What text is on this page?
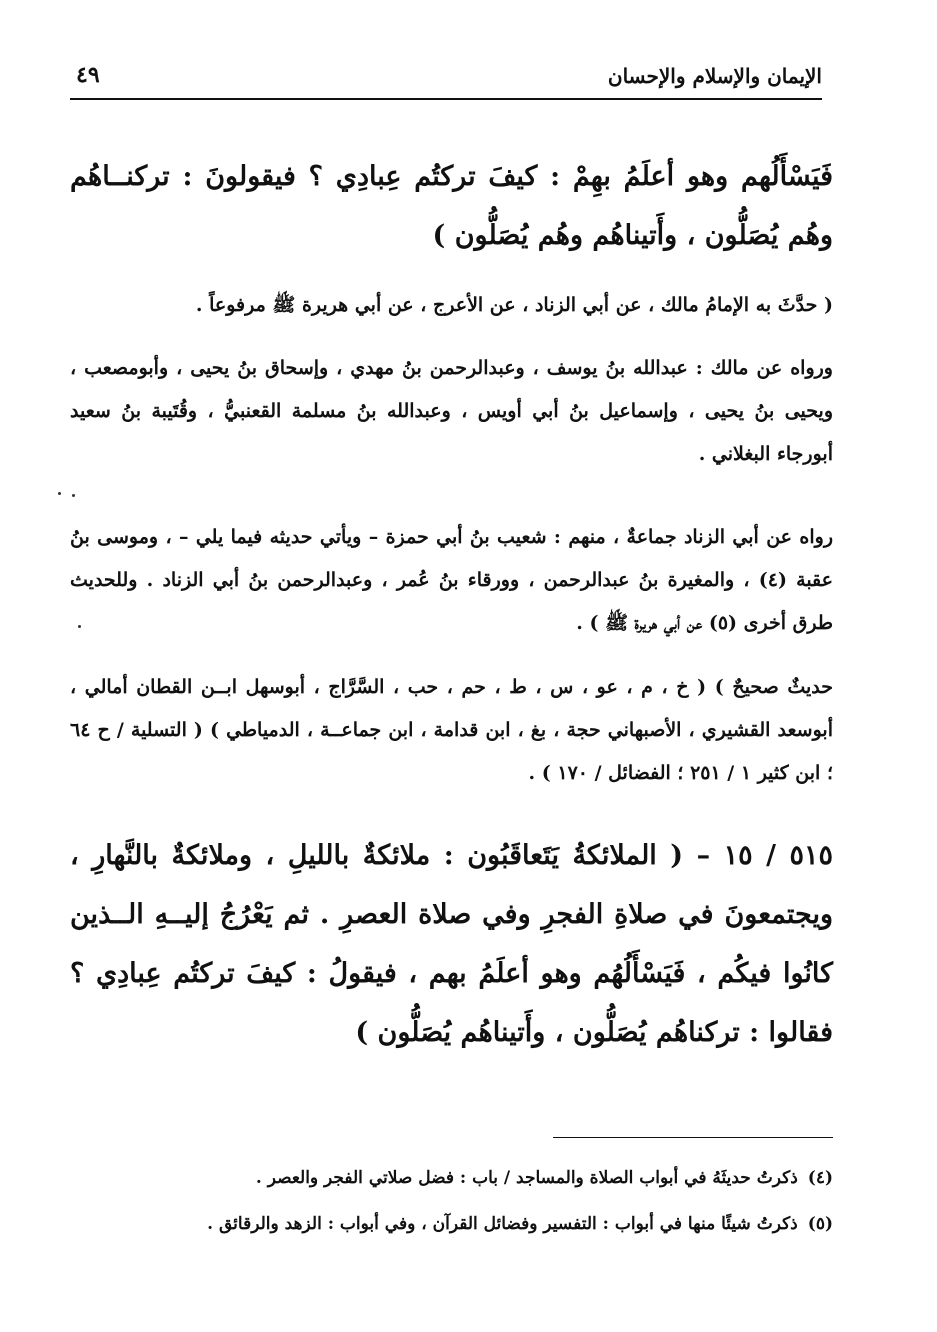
الإيمان والإسلام والإحسان
٤٩
فَيَسْأَلُهم وهو أعلَمُ بهِمْ : كيفَ تركتُم عِبادِي ؟ فيقولونَ : تركنــاهُم وهُم يُصَلُّون ، وأَتيناهُم وهُم يُصَلُّون )
( حدَّثَ به الإمامُ مالك ، عن أبي الزناد ، عن الأعرج ، عن أبي هريرة ﷺ مرفوعاً .
ورواه عن مالك : عبدالله بنُ يوسف ، وعبدالرحمن بنُ مهدي ، وإسحاق بنُ يحيى ، وأبومصعب ، ويحيى بنُ يحيى ، وإسماعيل بنُ أبي أويس ، وعبدالله بنُ مسلمة القعنبيُّ ، وقُتَيبة بنُ سعيد أبورجاء البغلاني .
رواه عن أبي الزناد جماعةٌ ، منهم : شعيب بنُ أبي حمزة – ويأتي حديثه فيما يلي – ، وموسى بنُ عقبة (٤) ، والمغيرة بنُ عبدالرحمن ، وورقاء بنُ عُمر ، وعبدالرحمن بنُ أبي الزناد . وللحديث طرق أخرى (٥) عن أبي هريرة ﷺ ) .
حديثٌ صحيحٌ ) ( خ ، م ، عو ، س ، ط ، حم ، حب ، السَّرَّاج ، أبوسهل ابــن القطان أمالي ، أبوسعد القشيري ، الأصبهاني حجة ، بغ ، ابن قدامة ، ابن جماعــة ، الدمياطي ) ( التسلية / ح ٦٤ ؛ ابن كثير ١ / ٢٥١ ؛ الفضائل / ١٧٠ ) .
٥١٥ / ١٥ – ( الملائكةُ يَتَعاقَبُون : ملائكةٌ بالليلِ ، وملائكةٌ بالنَّهارِ ، ويجتمعونَ في صلاةِ الفجرِ وفي صلاة العصرِ . ثم يَعْرُجُ إليــهِ الــذين كانُوا فيكُم ، فَيَسْأَلُهُم وهو أعلَمُ بهم ، فيقولُ : كيفَ تركتُم عِبادِي ؟ فقالوا : تركناهُم يُصَلُّون ، وأَتيناهُم يُصَلُّون )
(٤)ذكرتُ حديثَهُ في أبواب الصلاة والمساجد / باب : فضل صلاتي الفجر والعصر .
(٥)ذكرتُ شيئًا منها في أبواب : التفسير وفضائل القرآن ، وفي أبواب : الزهد والرقائق .
